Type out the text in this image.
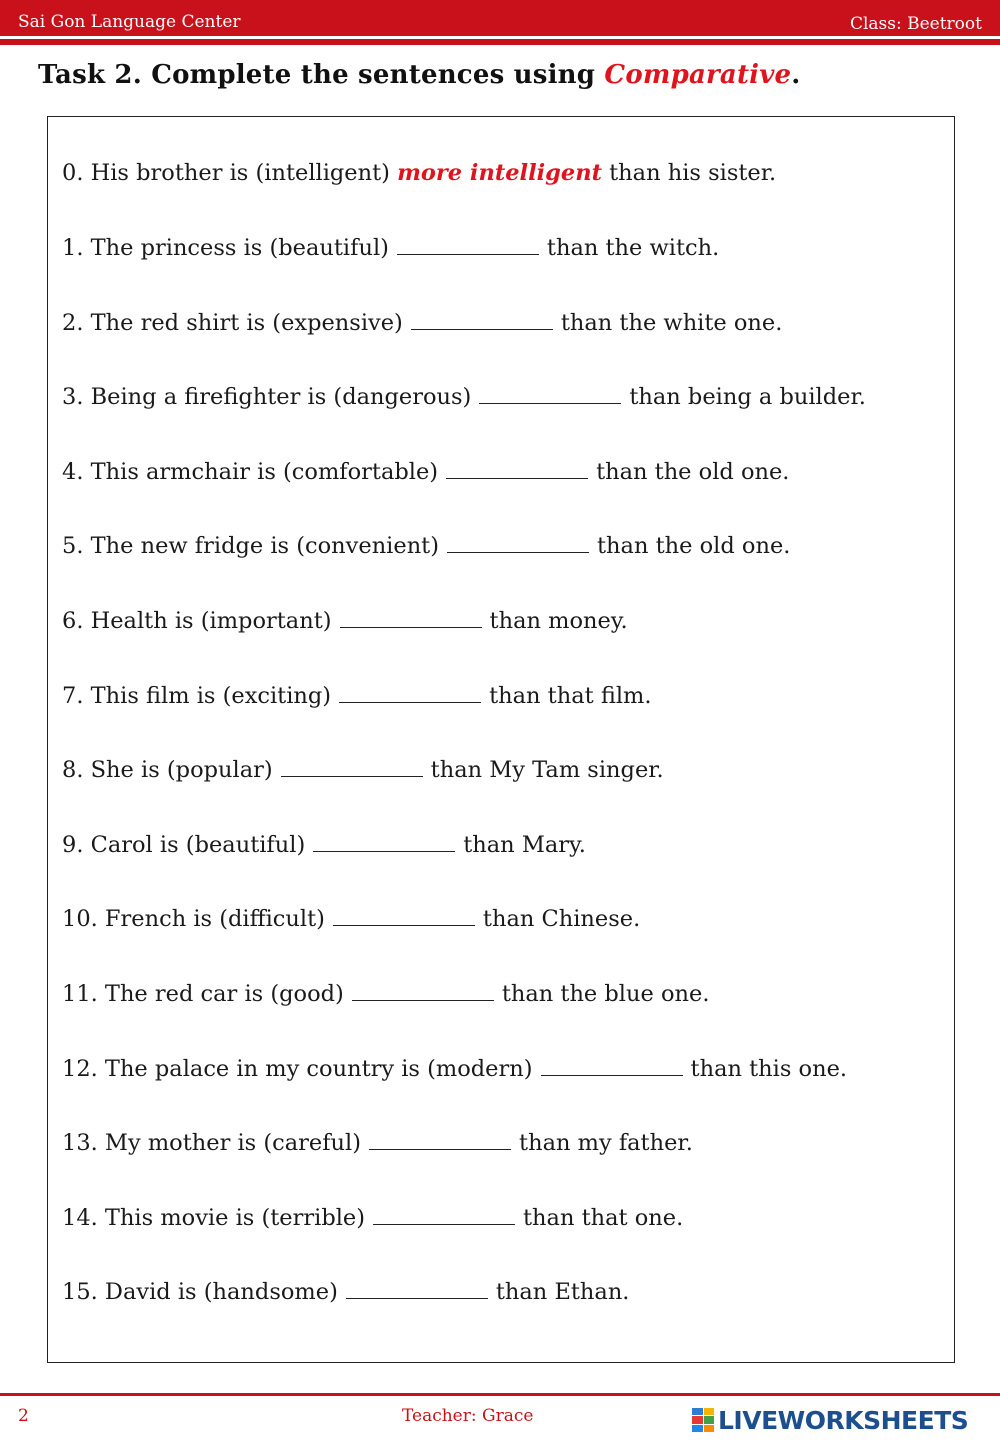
Sai Gon Language Center	Class: Beetroot
Task 2. Complete the sentences using Comparative.
0. His brother is (intelligent) more intelligent than his sister.
1. The princess is (beautiful)	than the witch.
2. The red shirt is (expensive)	than the white one.
3. Being a firefighter is (dangerous)	than being a builder.
4. This armchair is (comfortable)	than the old one.
5. The new fridge is (convenient)	than the old one.
6. Health is (important)	than money.
7. This film is (exciting)	than that film.
8. She is (popular)	than My Tam singer.
9. Carol is (beautiful)	than Mary.
10. French is (difficult)	than Chinese.
11. The red car is (good)	than the blue one.
12. The palace in my country is (modern)	than this one.
13. My mother is (careful)	than my father.
14. This movie is (terrible)	than that one.
15. David is (handsome)	than Ethan.
2	Teacher: Grace	LIVEWORKSHEETS
